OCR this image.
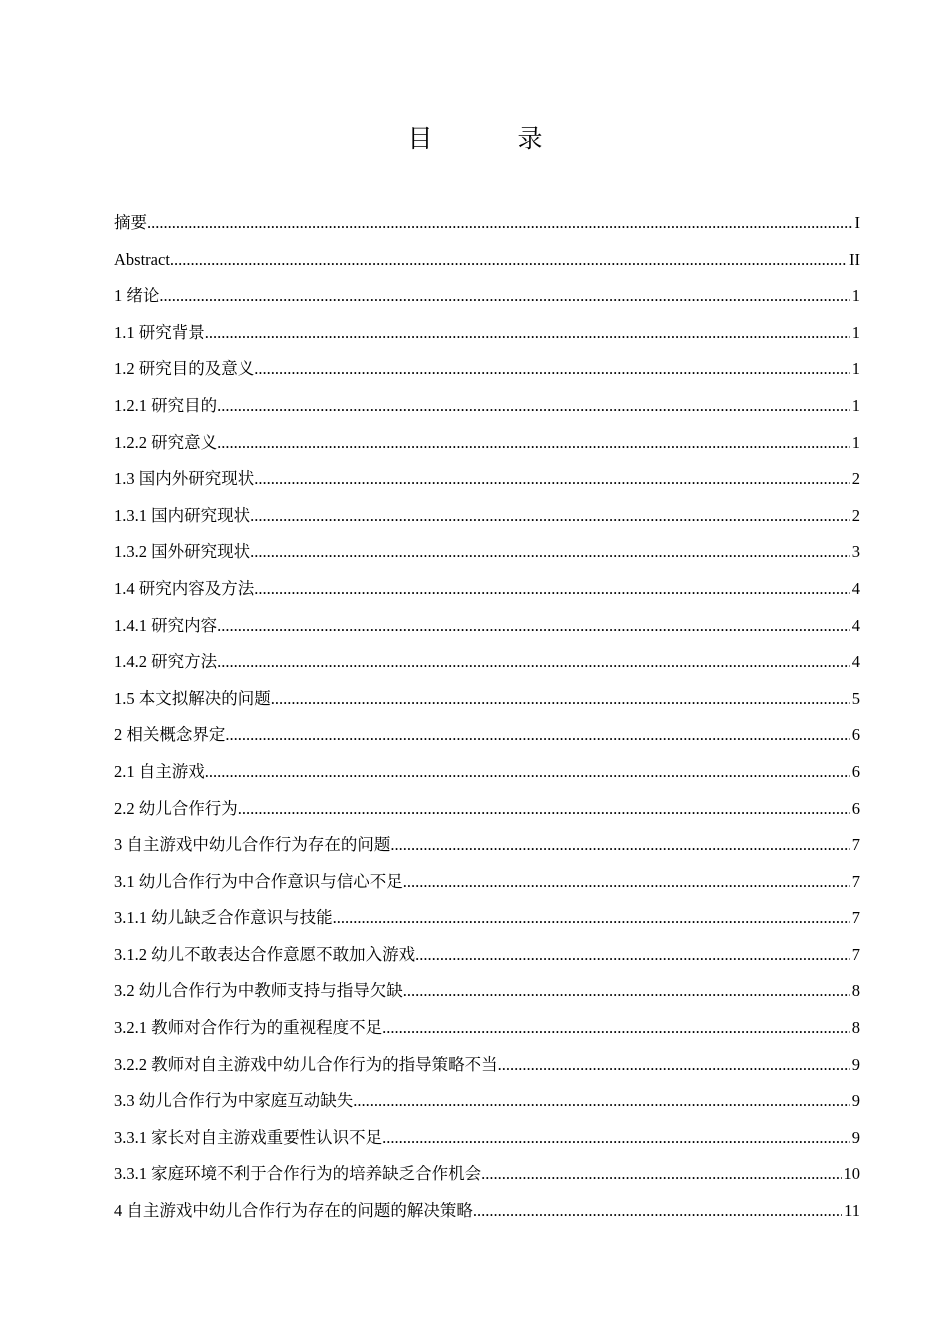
目　录
摘要 .....	I
Abstract .....	II
1 绪论 .....	1
1.1 研究背景 .....	1
1.2 研究目的及意义 .....	1
1.2.1 研究目的 .....	1
1.2.2 研究意义 .....	1
1.3 国内外研究现状 .....	2
1.3.1 国内研究现状 .....	2
1.3.2 国外研究现状 .....	3
1.4 研究内容及方法 .....	4
1.4.1 研究内容 .....	4
1.4.2 研究方法 .....	4
1.5 本文拟解决的问题 .....	5
2 相关概念界定 .....	6
2.1 自主游戏 .....	6
2.2 幼儿合作行为 .....	6
3 自主游戏中幼儿合作行为存在的问题 .....	7
3.1 幼儿合作行为中合作意识与信心不足 .....	7
3.1.1 幼儿缺乏合作意识与技能 .....	7
3.1.2 幼儿不敢表达合作意愿不敢加入游戏 .....	7
3.2 幼儿合作行为中教师支持与指导欠缺 .....	8
3.2.1 教师对合作行为的重视程度不足 .....	8
3.2.2 教师对自主游戏中幼儿合作行为的指导策略不当 .....	9
3.3 幼儿合作行为中家庭互动缺失 .....	9
3.3.1 家长对自主游戏重要性认识不足 .....	9
3.3.1 家庭环境不利于合作行为的培养缺乏合作机会 .....	10
4 自主游戏中幼儿合作行为存在的问题的解决策略 .....	11
